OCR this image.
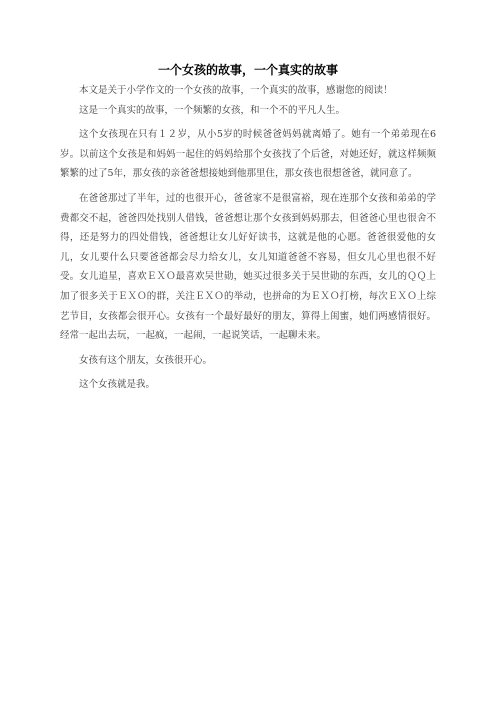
一个女孩的故事，一个真实的故事

本文是关于小学作文的一个女孩的故事，一个真实的故事，感谢您的阅读！

这是一个真实的故事，一个频繁的女孩，和一个不的平凡人生。

这个女孩现在只有１２岁，从小5岁的时候爸爸妈妈就离婚了。她有一个弟弟现在6岁。以前这个女孩是和妈妈一起住的妈妈给那个女孩找了个后爸，对她还好，就这样频频繁繁的过了5年，那女孩的亲爸爸想接她到他那里住，那女孩也很想爸爸，就同意了。

在爸爸那过了半年，过的也很开心，爸爸家不是很富裕，现在连那个女孩和弟弟的学费都交不起，爸爸四处找别人借钱，爸爸想让那个女孩到妈妈那去，但爸爸心里也很舍不得，还是努力的四处借钱，爸爸想让女儿好好读书，这就是他的心愿。爸爸很爱他的女儿，女儿要什么只要爸爸都会尽力给女儿，女儿知道爸爸不容易，但女儿心里也很不好受。女儿追星，喜欢ＥＸＯ最喜欢吴世勋，她买过很多关于吴世勋的东西，女儿的ＱＱ上加了很多关于ＥＸＯ的群，关注ＥＸＯ的举动，也拼命的为ＥＸＯ打榜，每次ＥＸＯ上综艺节目，女孩都会很开心。女孩有一个最好最好的朋友，算得上闺蜜，她们两感情很好。经常一起出去玩，一起疯，一起闹，一起说笑话，一起聊未来。

女孩有这个朋友，女孩很开心。

这个女孩就是我。
